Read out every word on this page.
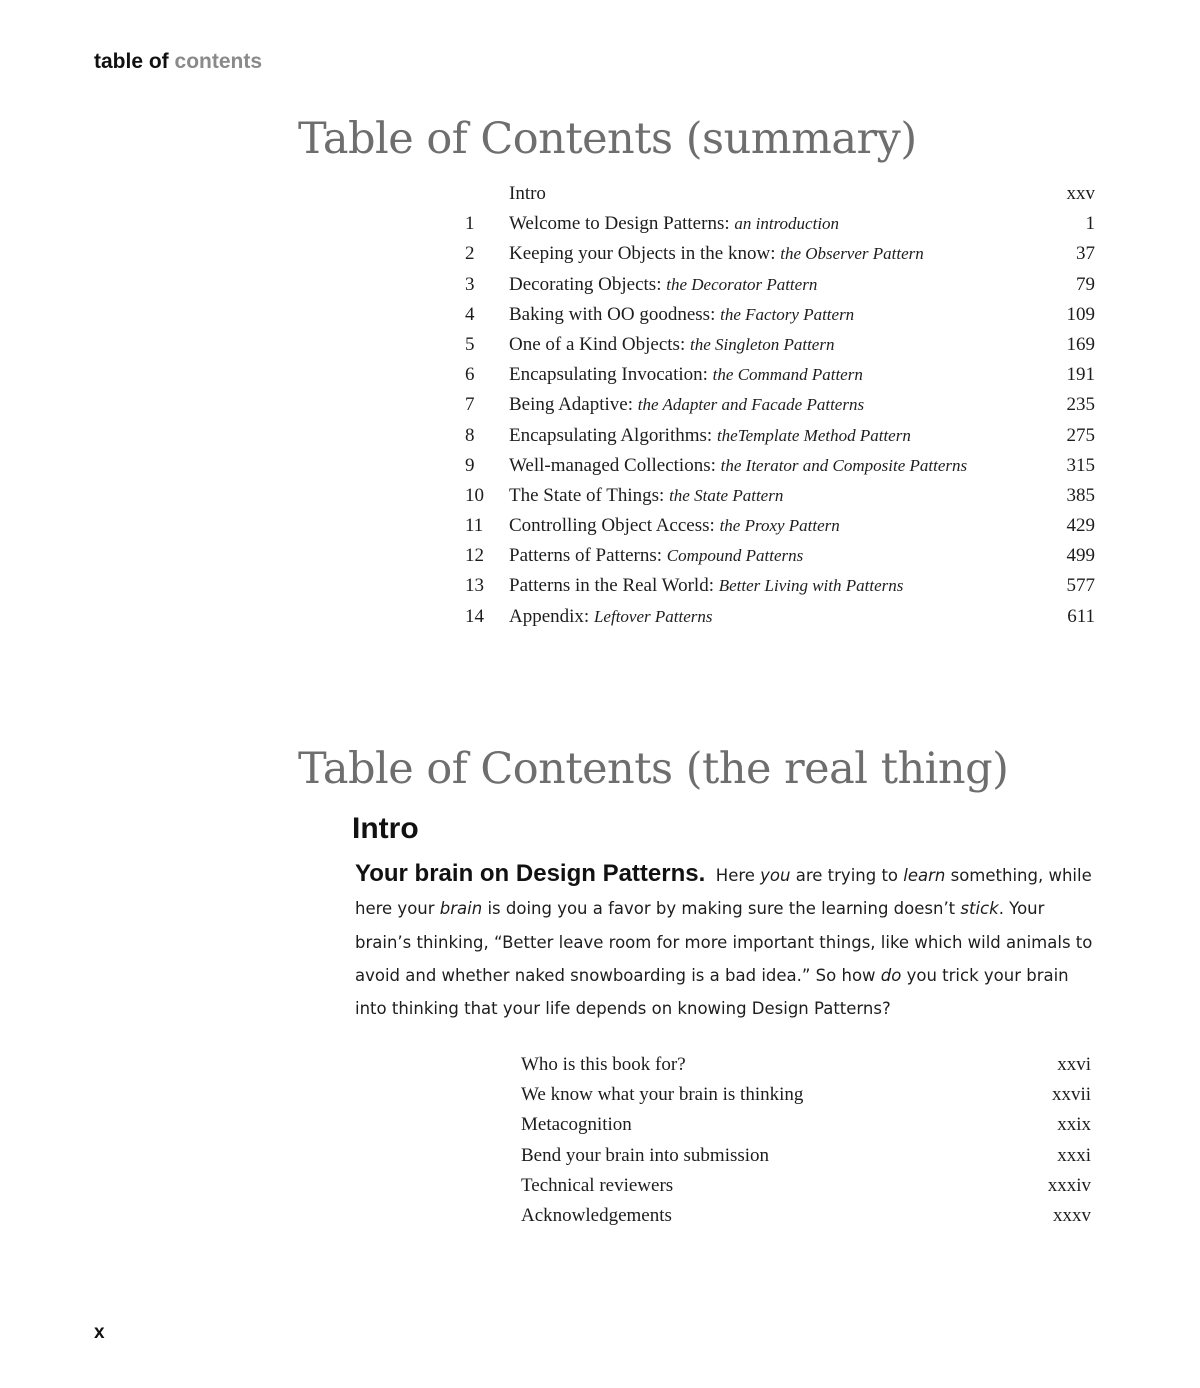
table of contents
Table of Contents (summary)
Intro	xxv
1 Welcome to Design Patterns: an introduction	1
2 Keeping your Objects in the know: the Observer Pattern	37
3 Decorating Objects: the Decorator Pattern	79
4 Baking with OO goodness: the Factory Pattern	109
5 One of a Kind Objects: the Singleton Pattern	169
6 Encapsulating Invocation: the Command Pattern	191
7 Being Adaptive: the Adapter and Facade Patterns	235
8 Encapsulating Algorithms: theTemplate Method Pattern	275
9 Well-managed Collections: the Iterator and Composite Patterns	315
10 The State of Things: the State Pattern	385
11 Controlling Object Access: the Proxy Pattern	429
12 Patterns of Patterns: Compound Patterns	499
13 Patterns in the Real World: Better Living with Patterns	577
14 Appendix: Leftover Patterns	611
Table of Contents (the real thing)
Intro
Your brain on Design Patterns. Here you are trying to learn something, while here your brain is doing you a favor by making sure the learning doesn’t stick. Your brain’s thinking, “Better leave room for more important things, like which wild animals to avoid and whether naked snowboarding is a bad idea.” So how do you trick your brain into thinking that your life depends on knowing Design Patterns?
Who is this book for?	xxvi
We know what your brain is thinking	xxvii
Metacognition	xxix
Bend your brain into submission	xxxi
Technical reviewers	xxxiv
Acknowledgements	xxxv
x
